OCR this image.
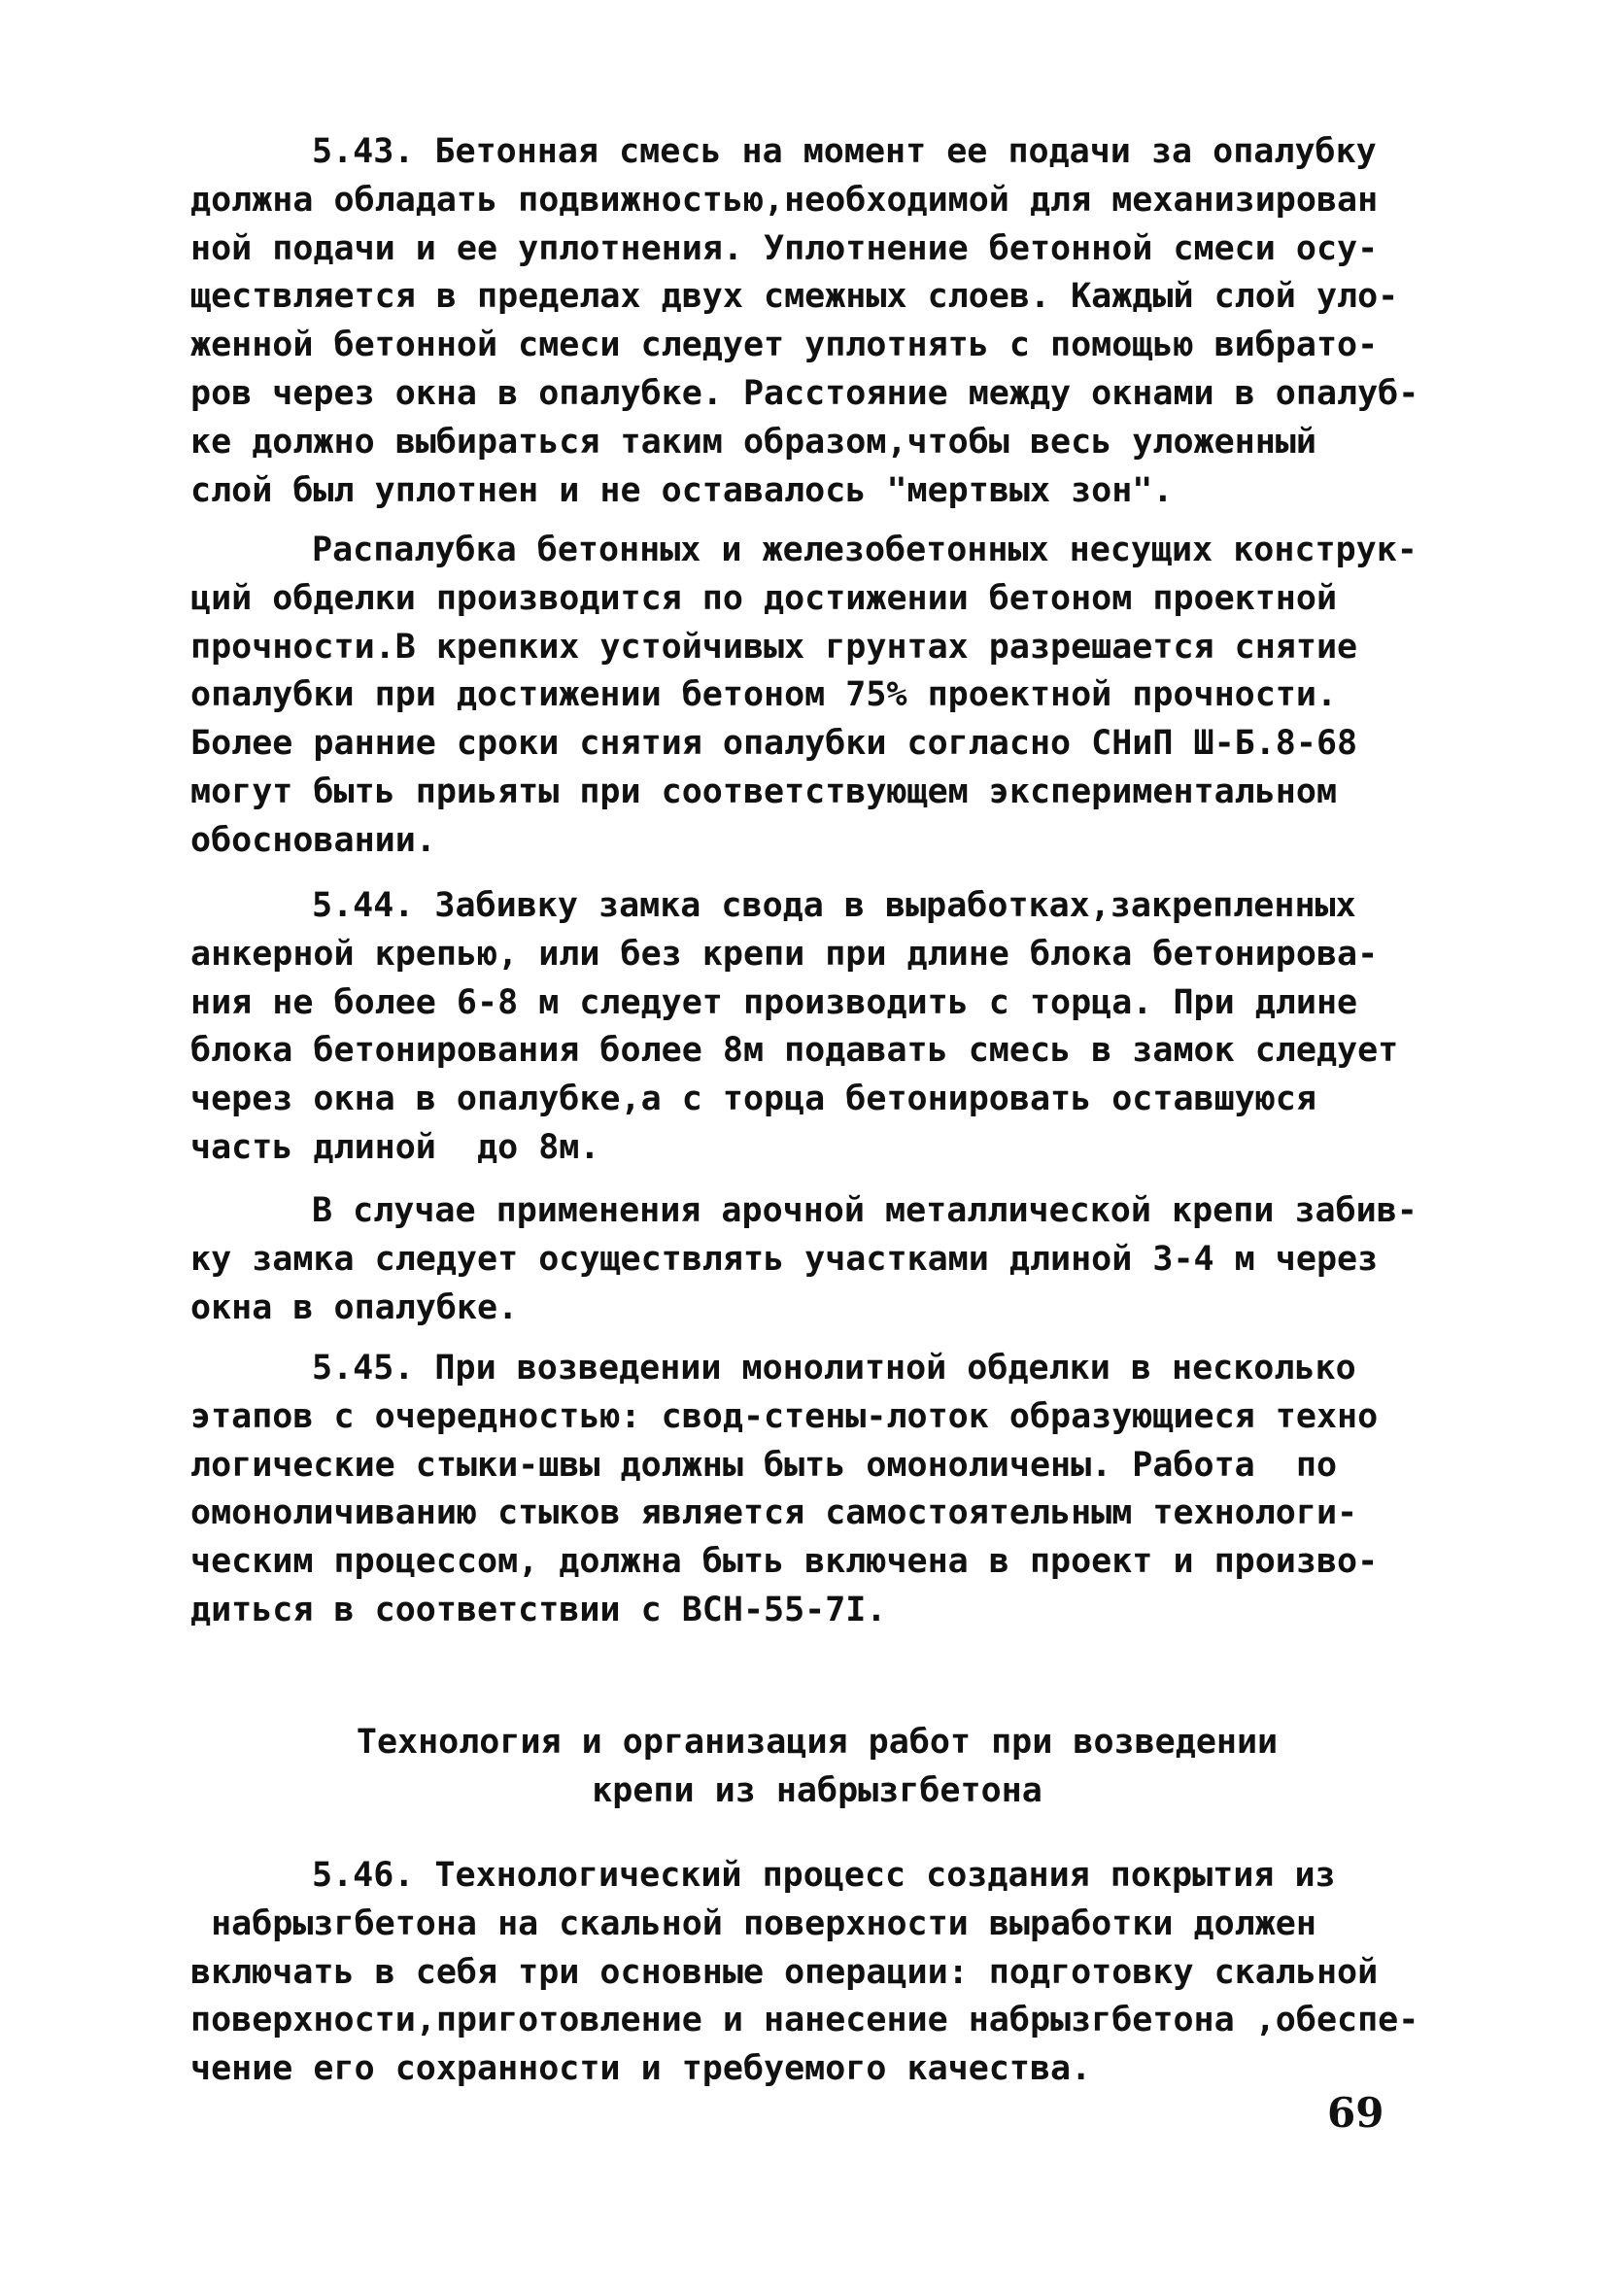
5.43. Бетонная смесь на момент ее подачи за опалубку
должна обладать подвижностью,необходимой для механизирован
ной подачи и ее уплотнения. Уплотнение бетонной смеси осу-
ществляется в пределах двух смежных слоев. Каждый слой уло-
женной бетонной смеси следует уплотнять с помощью вибрато-
ров через окна в опалубке. Расстояние между окнами в опалуб-
ке должно выбираться таким образом,чтобы весь уложенный
слой был уплотнен и не оставалось "мертвых зон".
Распалубка бетонных и железобетонных несущих конструк-
ций обделки производится по достижении бетоном проектной
прочности.В крепких устойчивых грунтах разрешается снятие
опалубки при достижении бетоном 75% проектной прочности.
Более ранние сроки снятия опалубки согласно СНиП Ш-Б.8-68
могут быть приьяты при соответствующем экспериментальном
обосновании.
5.44. Забивку замка свода в выработках,закрепленных
анкерной крепью, или без крепи при длине блока бетонирова-
ния не более 6-8 м следует производить с торца. При длине
блока бетонирования более 8м подавать смесь в замок следует
через окна в опалубке,а с торца бетонировать оставшуюся
часть длиной  до 8м.
В случае применения арочной металлической крепи забив-
ку замка следует осуществлять участками длиной 3-4 м через
окна в опалубке.
5.45. При возведении монолитной обделки в несколько
этапов с очередностью: свод-стены-лоток образующиеся техно
логические стыки-швы должны быть омоноличены. Работа  по
омоноличиванию стыков является самостоятельным технологи-
ческим процессом, должна быть включена в проект и произво-
диться в соответствии с ВСН-55-7I.
Технология и организация работ при возведении
крепи из набрызгбетона
5.46. Технологический процесс создания покрытия из
набрызгбетона на скальной поверхности выработки должен
включать в себя три основные операции: подготовку скальной
поверхности,приготовление и нанесение набрызгбетона ,обеспе-
чение его сохранности и требуемого качества.
69
